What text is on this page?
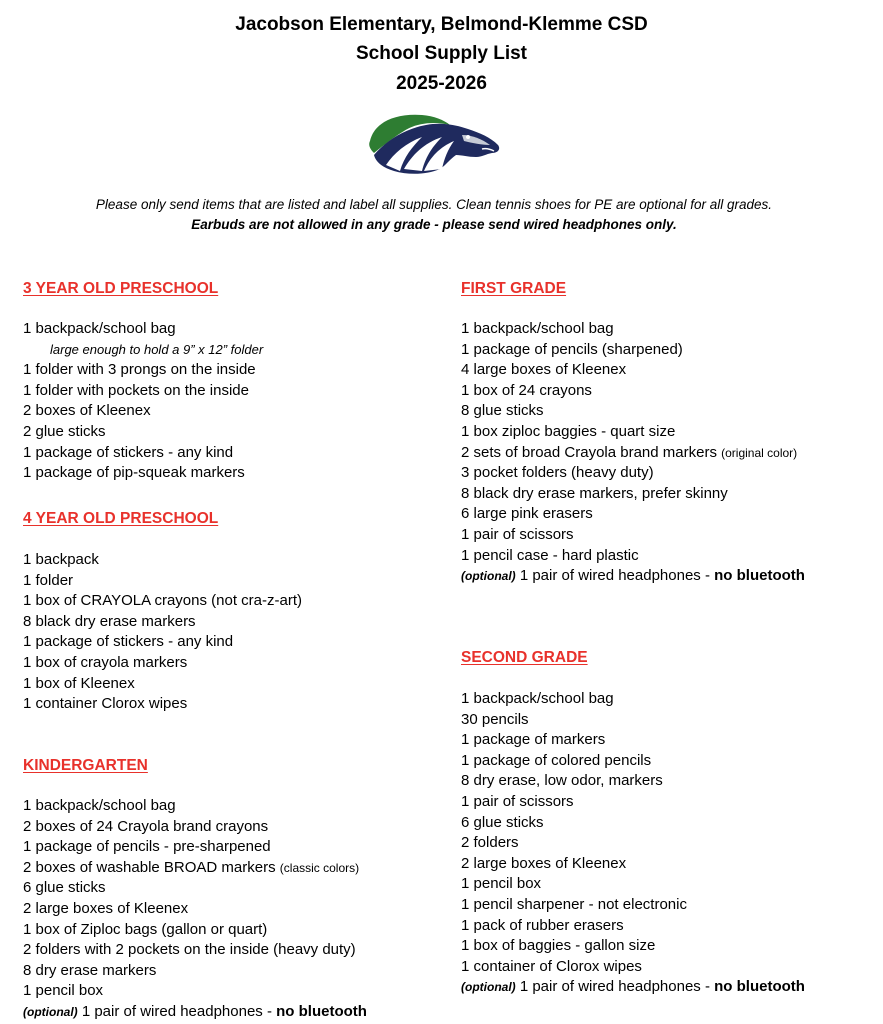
Jacobson Elementary, Belmond-Klemme CSD
School Supply List
2025-2026
Please only send items that are listed and label all supplies. Clean tennis shoes for PE are optional for all grades.
Earbuds are not allowed in any grade - please send wired headphones only.
3 YEAR OLD PRESCHOOL
1 backpack/school bag
large enough to hold a 9” x 12” folder
1 folder with 3 prongs on the inside
1 folder with pockets on the inside
2 boxes of Kleenex
2 glue sticks
1 package of stickers - any kind
1 package of pip-squeak markers
4 YEAR OLD PRESCHOOL
1 backpack
1 folder
1 box of CRAYOLA crayons (not cra-z-art)
8 black dry erase markers
1 package of stickers - any kind
1 box of crayola markers
1 box of Kleenex
1 container Clorox wipes
KINDERGARTEN
1 backpack/school bag
2 boxes of 24 Crayola brand crayons
1 package of pencils - pre-sharpened
2 boxes of washable BROAD markers (classic colors)
6 glue sticks
2 large boxes of Kleenex
1 box of Ziploc bags (gallon or quart)
2 folders with 2 pockets on the inside (heavy duty)
8 dry erase markers
1 pencil box
(optional) 1 pair of wired headphones - no bluetooth
FIRST GRADE
1 backpack/school bag
1 package of pencils (sharpened)
4 large boxes of Kleenex
1 box of 24 crayons
8 glue sticks
1 box ziploc baggies - quart size
2 sets of broad Crayola brand markers (original color)
3 pocket folders (heavy duty)
8 black dry erase markers, prefer skinny
6 large pink erasers
1 pair of scissors
1 pencil case - hard plastic
(optional) 1 pair of wired headphones - no bluetooth
SECOND GRADE
1 backpack/school bag
30 pencils
1 package of markers
1 package of colored pencils
8 dry erase, low odor, markers
1 pair of scissors
6 glue sticks
2 folders
2 large boxes of Kleenex
1 pencil box
1 pencil sharpener - not electronic
1 pack of rubber erasers
1 box of baggies - gallon size
1 container of Clorox wipes
(optional) 1 pair of wired headphones - no bluetooth
